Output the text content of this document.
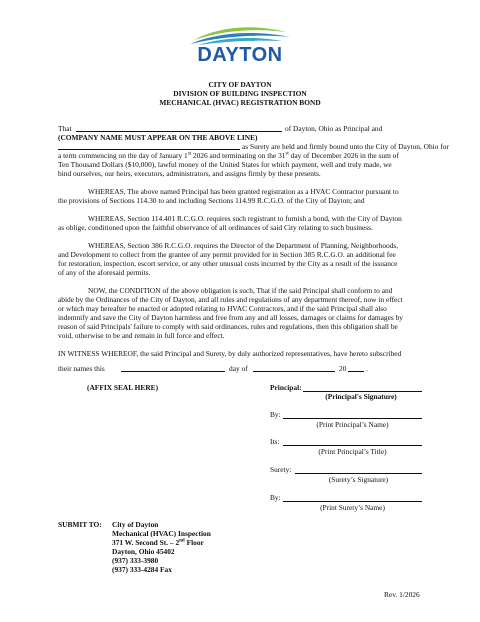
DAYTON
CITY OF DAYTON
DIVISION OF BUILDING INSPECTION
MECHANICAL (HVAC) REGISTRATION BOND
That	of Dayton, Ohio as Principal and
(COMPANY NAME MUST APPEAR ON THE ABOVE LINE)
as Surety are held and firmly bound unto the City of Dayton, Ohio for
a term commencing on the day of January 1st 2026 and terminating on the 31st day of December 2026 in the sum of
Ten Thousand Dollars ($10,000), lawful money of the United States for which payment, well and truly made, we
bind ourselves, our heirs, executors, administrators, and assigns firmly by these presents.
WHEREAS, The above named Principal has been granted registration as a HVAC Contractor pursuant to
the provisions of Sections 114.30 to and including Sections 114.99 R.C.G.O. of the City of Dayton; and
WHEREAS, Section 114.401 R.C.G.O. requires such registrant to furnish a bond, with the City of Dayton
as oblige, conditioned upon the faithful observance of all ordinances of said City relating to such business.
WHEREAS, Section 386 R.C.G.O. requires the Director of the Department of Planning, Neighborhoods,
and Development to collect from the grantee of any permit provided for in Section 385 R.C.G.O. an additional fee
for restoration, inspection, escort service, or any other unusual costs incurred by the City as a result of the issuance
of any of the aforesaid permits.
NOW, the CONDITION of the above obligation is such, That if the said Principal shall conform to and
abide by the Ordinances of the City of Dayton, and all rules and regulations of any department thereof, now in effect
or which may hereafter be enacted or adopted relating to HVAC Contractors, and if the said Principal shall also
indemnify and save the City of Dayton harmless and free from any and all losses, damages or claims for damages by
reason of said Principals' failure to comply with said ordinances, rules and regulations, then this obligation shall be
void, otherwise to be and remain in full force and effect.
IN WITNESS WHEREOF, the said Principal and Surety, by duly authorized representatives, have hereto subscribed
their names this	day of	20	.
(AFFIX SEAL HERE)	Principal:
(Principal's Signature)
By:
(Print Principal’s Name)
Its:
(Print Principal’s Title)
Surety:
(Surety’s Signature)
By:
(Print Surety’s Name)
SUBMIT TO: City of Dayton
Mechanical (HVAC) Inspection
371 W. Second St. – 2nd Floor
Dayton, Ohio 45402
(937) 333-3980
(937) 333-4284 Fax
Rev. 1/2026
